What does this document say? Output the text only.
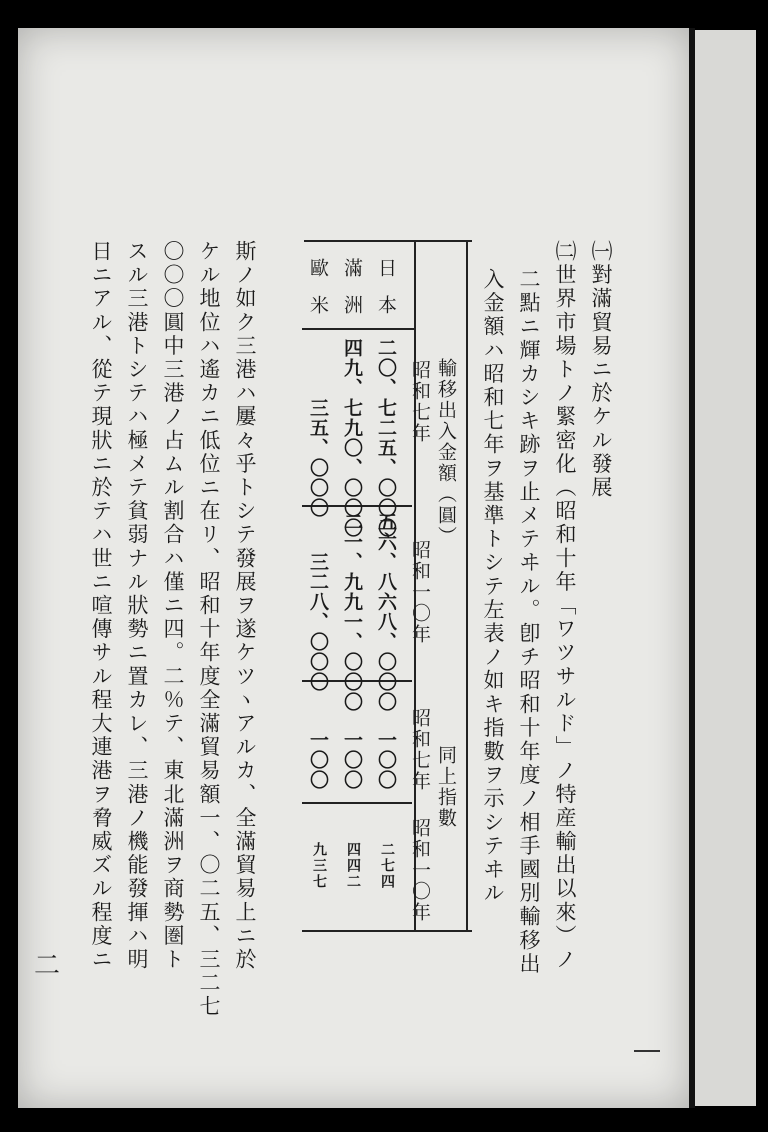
㈠對滿貿易ニ於ケル發展
㈡世界市場トノ緊密化（昭和十年「ワツサルド」ノ特産輸出以來）ノ
二點ニ輝カシキ跡ヲ止メテヰル。卽チ昭和十年度ノ相手國別輸移出
入金額ハ昭和七年ヲ基準トシテ左表ノ如キ指數ヲ示シテヰル
輸移出入金額（圓）
同上指數
昭和七年
昭和一〇年
昭和七年
昭和一〇年
日本
滿洲
歐米
二〇、七二五、〇〇〇
四九、七九〇、〇〇〇
三五、〇〇〇
五六、八六八、〇〇〇
二一、九九一、〇〇〇
三二八、〇〇〇
一〇〇
一〇〇
一〇〇
二七四
四四二
九三七
斯ノ如ク三港ハ屢々乎トシテ發展ヲ遂ケツヽアルカ、全滿貿易上ニ於
ケル地位ハ遙カニ低位ニ在リ、昭和十年度全滿貿易額一、〇二五、三二七
〇〇〇圓中三港ノ占ムル割合ハ僅ニ四。二％テ、東北滿洲ヲ商勢圏ト
スル三港トシテハ極メテ貧弱ナル狀勢ニ置カレ、三港ノ機能發揮ハ明
日ニアル、從テ現狀ニ於テハ世ニ喧傳サル程大連港ヲ脅威ズル程度ニ
二
